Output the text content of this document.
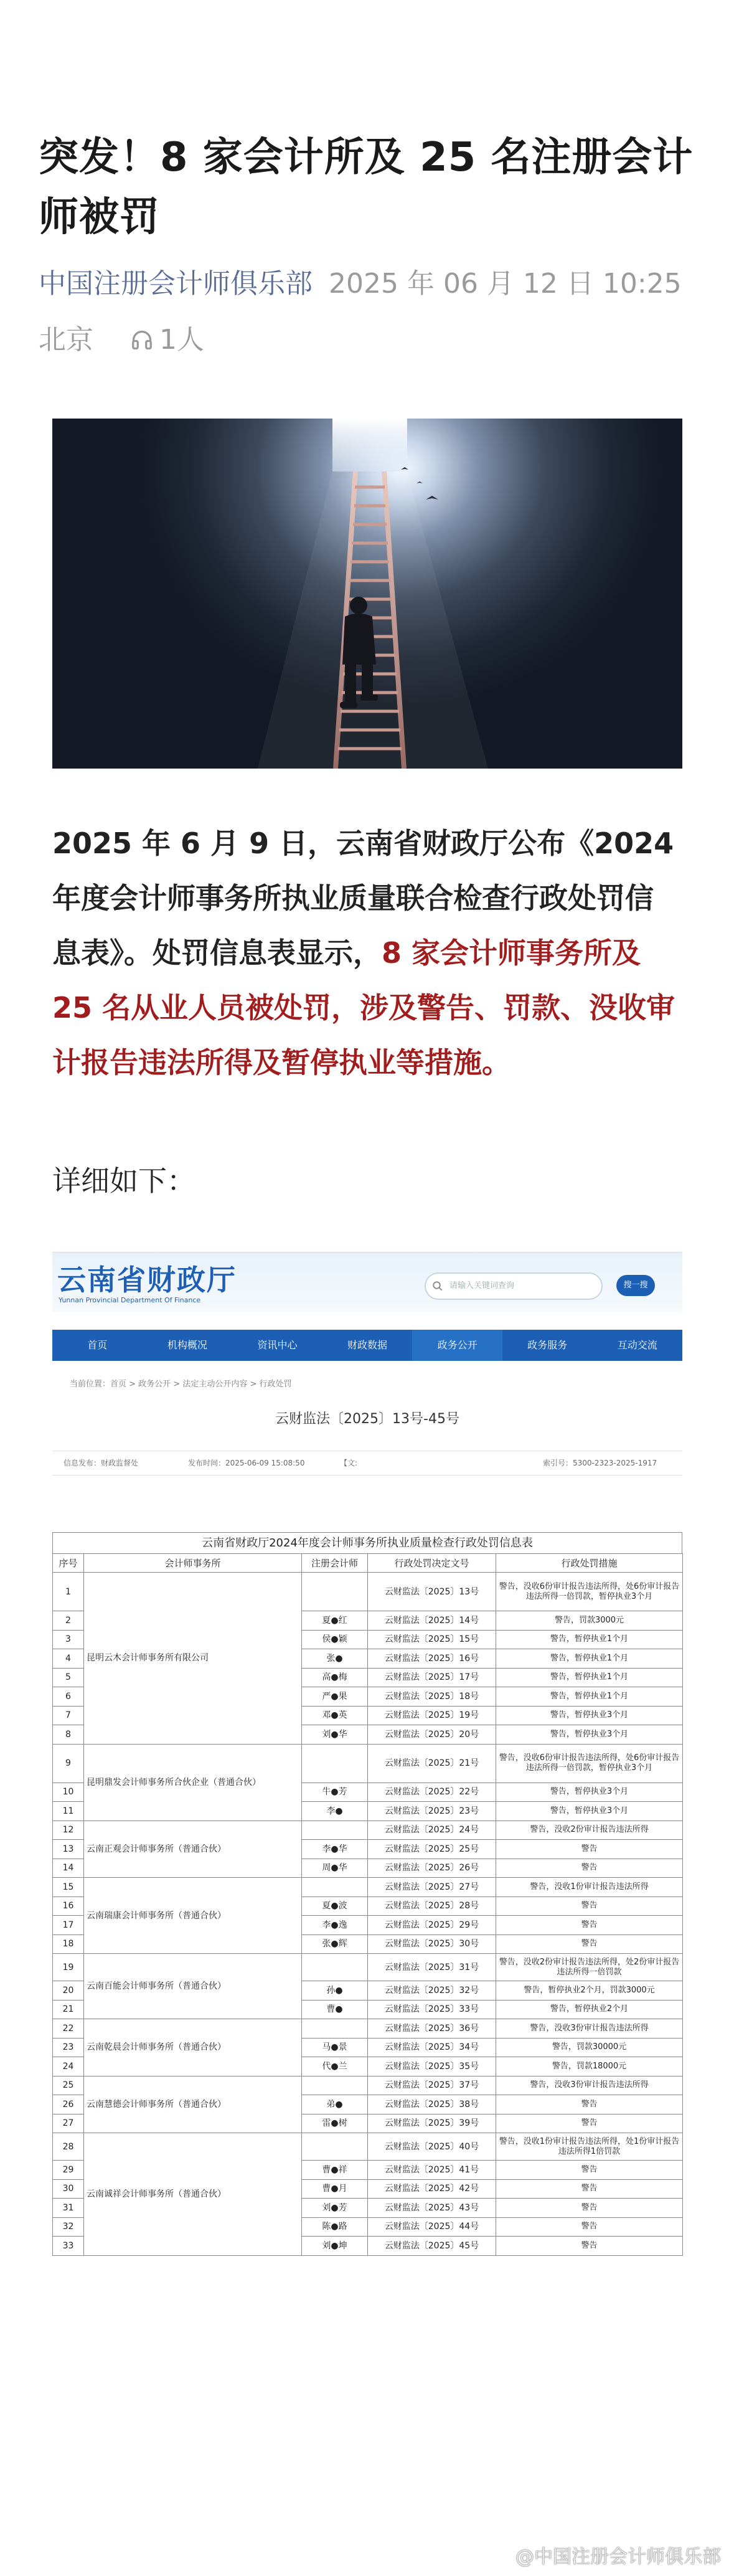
突发！8 家会计所及 25 名注册会计师被罚
中国注册会计师俱乐部 2025 年 06 月 12 日 10:25
北京 1人

2025 年 6 月 9 日，云南省财政厅公布《2024 年度会计师事务所执业质量联合检查行政处罚信息表》。处罚信息表显示，8 家会计师事务所及 25 名从业人员被处罚，涉及警告、罚款、没收审计报告违法所得及暂停执业等措施。

详细如下：

云南省财政厅
Yunnan Provincial Department Of Finance
请输入关键词查询	搜一搜
首页	机构概况	资讯中心	财政数据	政务公开	政务服务	互动交流
当前位置：首页 > 政务公开 > 法定主动公开内容 > 行政处罚
云财监法〔2025〕13号-45号
信息发布：财政监督处	发布时间：2025-06-09 15:08:50	【文:	索引号：5300-2323-2025-1917
云南省财政厅2024年度会计师事务所执业质量检查行政处罚信息表
序号	会计师事务所	注册会计师	行政处罚决定文号	行政处罚措施
1	昆明云木会计师事务所有限公司		云财监法〔2025〕13号	警告，没收6份审计报告违法所得，处6份审计报告违法所得一倍罚款，暂停执业3个月
2		夏●红	云财监法〔2025〕14号	警告，罚款3000元
3		侯●颖	云财监法〔2025〕15号	警告，暂停执业1个月
4		张●	云财监法〔2025〕16号	警告，暂停执业1个月
5		高●梅	云财监法〔2025〕17号	警告，暂停执业1个月
6		严●果	云财监法〔2025〕18号	警告，暂停执业1个月
7		邓●英	云财监法〔2025〕19号	警告，暂停执业3个月
8		刘●华	云财监法〔2025〕20号	警告，暂停执业3个月
9	昆明鼎发会计师事务所合伙企业（普通合伙）		云财监法〔2025〕21号	警告，没收6份审计报告违法所得，处6份审计报告违法所得一倍罚款，暂停执业3个月
10		牛●芳	云财监法〔2025〕22号	警告，暂停执业3个月
11		李●	云财监法〔2025〕23号	警告，暂停执业3个月
12	云南正观会计师事务所（普通合伙）		云财监法〔2025〕24号	警告，没收2份审计报告违法所得
13		李●华	云财监法〔2025〕25号	警告
14		周●华	云财监法〔2025〕26号	警告
15	云南瑞康会计师事务所（普通合伙）		云财监法〔2025〕27号	警告，没收1份审计报告违法所得
16		夏●波	云财监法〔2025〕28号	警告
17		李●逸	云财监法〔2025〕29号	警告
18		张●辉	云财监法〔2025〕30号	警告
19	云南百能会计师事务所（普通合伙）		云财监法〔2025〕31号	警告，没收2份审计报告违法所得，处2份审计报告违法所得一倍罚款
20		孙●	云财监法〔2025〕32号	警告，暂停执业2个月，罚款3000元
21		曹●	云财监法〔2025〕33号	警告，暂停执业2个月
22	云南乾晨会计师事务所（普通合伙）		云财监法〔2025〕36号	警告，没收3份审计报告违法所得
23		马●景	云财监法〔2025〕34号	警告，罚款30000元
24		代●兰	云财监法〔2025〕35号	警告，罚款18000元
25	云南慧德会计师事务所（普通合伙）		云财监法〔2025〕37号	警告，没收3份审计报告违法所得
26		弟●	云财监法〔2025〕38号	警告
27		雷●树	云财监法〔2025〕39号	警告
28	云南诚祥会计师事务所（普通合伙）		云财监法〔2025〕40号	警告，没收1份审计报告违法所得，处1份审计报告违法所得1倍罚款
29		曹●祥	云财监法〔2025〕41号	警告
30		曹●月	云财监法〔2025〕42号	警告
31		刘●芳	云财监法〔2025〕43号	警告
32		陈●路	云财监法〔2025〕44号	警告
33		刘●坤	云财监法〔2025〕45号	警告
@中国注册会计师俱乐部
